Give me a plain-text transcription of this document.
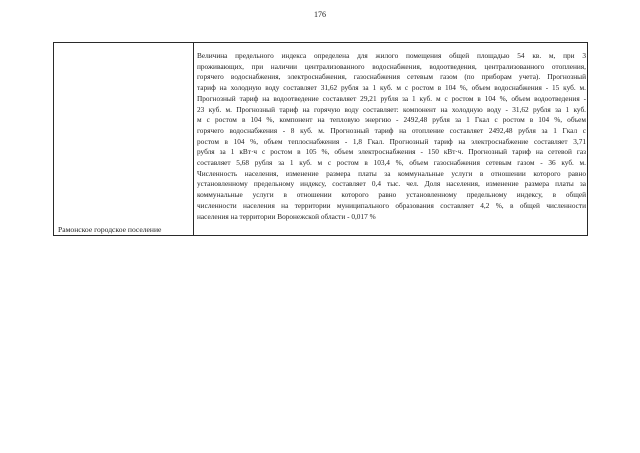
176
Рамонское городское поселение
Величина предельного индекса определена для жилого помещения общей площадью 54 кв. м, при 3
проживающих, при наличии централизованного водоснабжения, водоотведения, централизованного отопления,
горячего водоснабжения, электроснабжения, газоснабжения сетевым газом (по приборам учета). Прогнозный
тариф на холодную воду составляет 31,62 рубля за 1 куб. м с ростом в 104 %, объем водоснабжения - 15 куб. м.
Прогнозный тариф на водоотведение составляет 29,21 рубля за 1 куб. м с ростом в 104 %, объем водоотведения -
23 куб. м. Прогнозный тариф на горячую воду составляет: компонент на холодную воду - 31,62 рубля за 1 куб.
м с ростом в 104 %, компонент на тепловую энергию - 2492,48 рубля за 1 Гкал с ростом в 104 %, объем
горячего водоснабжения - 8 куб. м. Прогнозный тариф на отопление составляет 2492,48 рубля за 1 Гкал с
ростом в 104 %, объем теплоснабжения - 1,8 Гкал. Прогнозный тариф на электроснабжение составляет 3,71
рубля за 1 кВт·ч с ростом в 105 %, объем электроснабжения - 150 кВт·ч. Прогнозный тариф на сетевой газ
составляет 5,68 рубля за 1 куб. м с ростом в 103,4 %, объем газоснабжения сетевым газом - 36 куб. м.
Численность населения, изменение размера платы за коммунальные услуги в отношении которого равно
установленному предельному индексу, составляет 0,4 тыс. чел. Доля населения, изменение размера платы за
коммунальные услуги в отношении которого равно установленному предельному индексу, в общей
численности населения на территории муниципального образования составляет 4,2 %, в общей численности
населения на территории Воронежской области - 0,017 %
